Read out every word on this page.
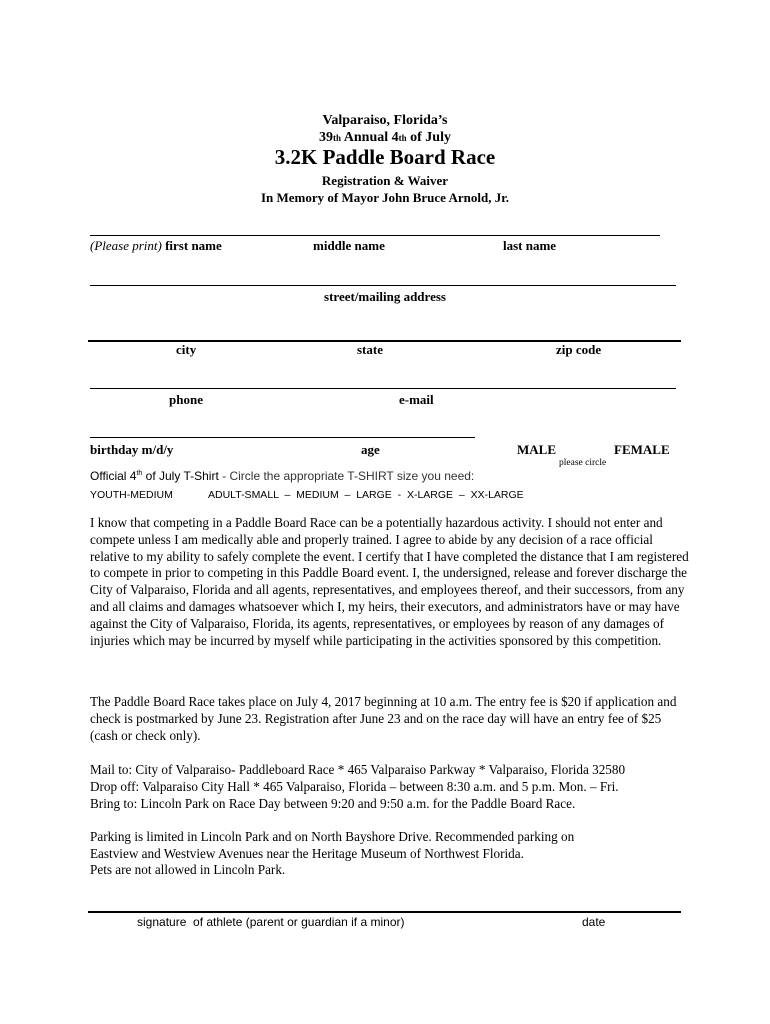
Valparaiso, Florida’s
39th Annual 4th of July
3.2K Paddle Board Race
Registration & Waiver
In Memory of Mayor John Bruce Arnold, Jr.
(Please print) first name	middle name	last name
street/mailing address
city	state	zip code
phone	e-mail
birthday m/d/y	age	MALE	FEMALE
please circle
Official 4th of July T-Shirt - Circle the appropriate T-SHIRT size you need:
YOUTH-MEDIUM	ADULT-SMALL  –  MEDIUM  –  LARGE  -  X-LARGE  –  XX-LARGE
I know that competing in a Paddle Board Race can be a potentially hazardous activity. I should not enter and compete unless I am medically able and properly trained. I agree to abide by any decision of a race official relative to my ability to safely complete the event. I certify that I have completed the distance that I am registered to compete in prior to competing in this Paddle Board event. I, the undersigned, release and forever discharge the City of Valparaiso, Florida and all agents, representatives, and employees thereof, and their successors, from any and all claims and damages whatsoever which I, my heirs, their executors, and administrators have or may have against the City of Valparaiso, Florida, its agents, representatives, or employees by reason of any damages of injuries which may be incurred by myself while participating in the activities sponsored by this competition.
The Paddle Board Race takes place on July 4, 2017 beginning at 10 a.m. The entry fee is $20 if application and check is postmarked by June 23. Registration after June 23 and on the race day will have an entry fee of $25 (cash or check only).
Mail to: City of Valparaiso- Paddleboard Race * 465 Valparaiso Parkway * Valparaiso, Florida 32580
Drop off: Valparaiso City Hall * 465 Valparaiso, Florida – between 8:30 a.m. and 5 p.m. Mon. – Fri.
Bring to: Lincoln Park on Race Day between 9:20 and 9:50 a.m. for the Paddle Board Race.
Parking is limited in Lincoln Park and on North Bayshore Drive. Recommended parking on
Eastview and Westview Avenues near the Heritage Museum of Northwest Florida.
Pets are not allowed in Lincoln Park.
signature  of athlete (parent or guardian if a minor)	date
